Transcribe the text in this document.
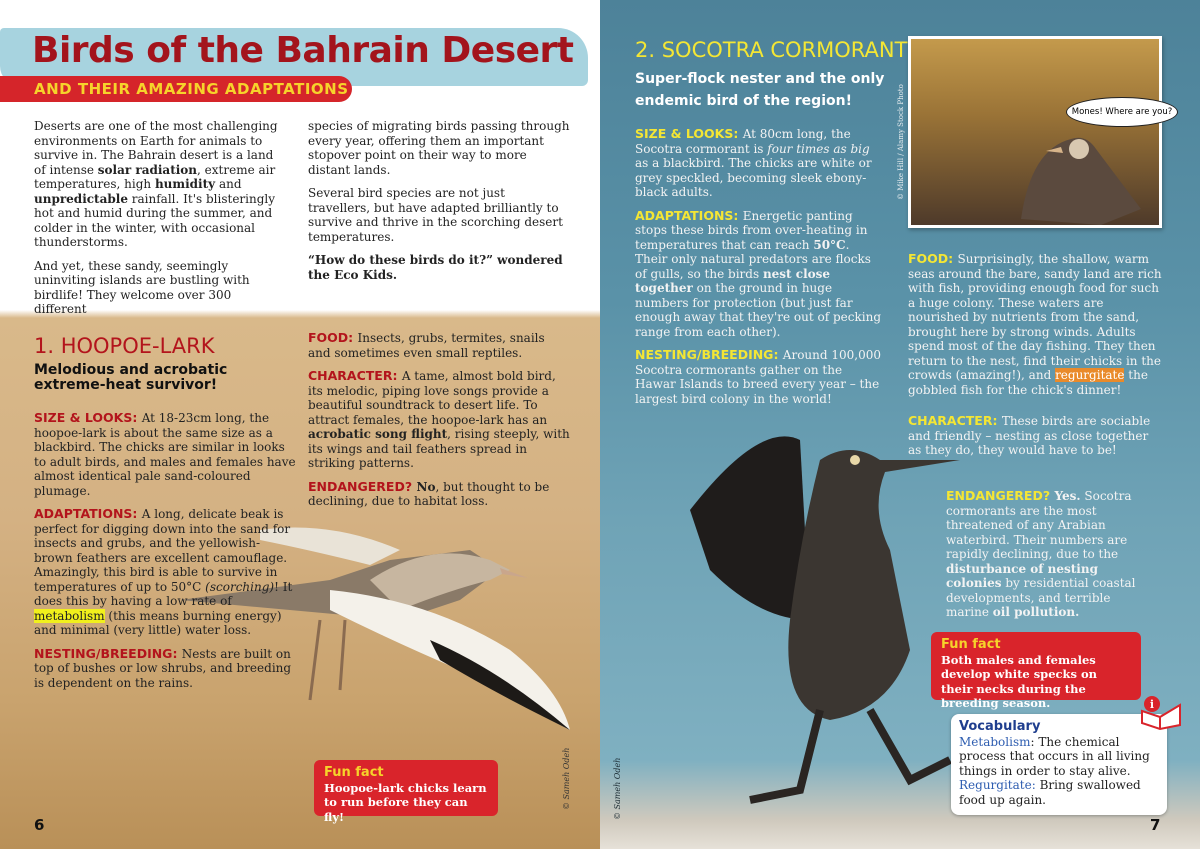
Birds of the Bahrain Desert
AND THEIR AMAZING ADAPTATIONS

Deserts are one of the most challenging environments on Earth for animals to survive in. The Bahrain desert is a land of intense solar radiation, extreme air temperatures, high humidity and unpredictable rainfall. It's blisteringly hot and humid during the summer, and colder in the winter, with occasional thunderstorms.

And yet, these sandy, seemingly uninviting islands are bustling with birdlife! They welcome over 300 different

species of migrating birds passing through every year, offering them an important stopover point on their way to more distant lands.

Several bird species are not just travellers, but have adapted brilliantly to survive and thrive in the scorching desert temperatures.

“How do these birds do it?” wondered the Eco Kids.

1. HOOPOE-LARK
Melodious and acrobatic extreme-heat survivor!

SIZE & LOOKS: At 18-23cm long, the hoopoe-lark is about the same size as a blackbird. The chicks are similar in looks to adult birds, and males and females have almost identical pale sand-coloured plumage.

ADAPTATIONS: A long, delicate beak is perfect for digging down into the sand for insects and grubs, and the yellowish-brown feathers are excellent camouflage. Amazingly, this bird is able to survive in temperatures of up to 50°C (scorching)! It does this by having a low rate of metabolism (this means burning energy) and minimal (very little) water loss.

NESTING/BREEDING: Nests are built on top of bushes or low shrubs, and breeding is dependent on the rains.

FOOD: Insects, grubs, termites, snails and sometimes even small reptiles.

CHARACTER: A tame, almost bold bird, its melodic, piping love songs provide a beautiful soundtrack to desert life. To attract females, the hoopoe-lark has an acrobatic song flight, rising steeply, with its wings and tail feathers spread in striking patterns.

ENDANGERED? No, but thought to be declining, due to habitat loss.

Fun fact
Hoopoe-lark chicks learn to run before they can fly!
© Sameh Odeh
6
2. SOCOTRA CORMORANT
Super-flock nester and the only endemic bird of the region!

SIZE & LOOKS: At 80cm long, the Socotra cormorant is four times as big as a blackbird. The chicks are white or grey speckled, becoming sleek ebony-black adults.

ADAPTATIONS: Energetic panting stops these birds from over-heating in temperatures that can reach 50°C. Their only natural predators are flocks of gulls, so the birds nest close together on the ground in huge numbers for protection (but just far enough away that they're out of pecking range from each other).

NESTING/BREEDING: Around 100,000 Socotra cormorants gather on the Hawar Islands to breed every year – the largest bird colony in the world!

Mones! Where are you?
© Mike Hill / Alamy Stock Photo
FOOD: Surprisingly, the shallow, warm seas around the bare, sandy land are rich with fish, providing enough food for such a huge colony. These waters are nourished by nutrients from the sand, brought here by strong winds. Adults spend most of the day fishing. They then return to the nest, find their chicks in the crowds (amazing!), and regurgitate the gobbled fish for the chick's dinner!
CHARACTER: These birds are sociable and friendly – nesting as close together as they do, they would have to be!
ENDANGERED? Yes. Socotra cormorants are the most threatened of any Arabian waterbird. Their numbers are rapidly declining, due to the disturbance of nesting colonies by residential coastal developments, and terrible marine oil pollution.
Fun fact
Both males and females develop white specks on their necks during the breeding season.
Vocabulary
Metabolism: The chemical process that occurs in all living things in order to stay alive.
Regurgitate: Bring swallowed food up again.
i
© Sameh Odeh
7
